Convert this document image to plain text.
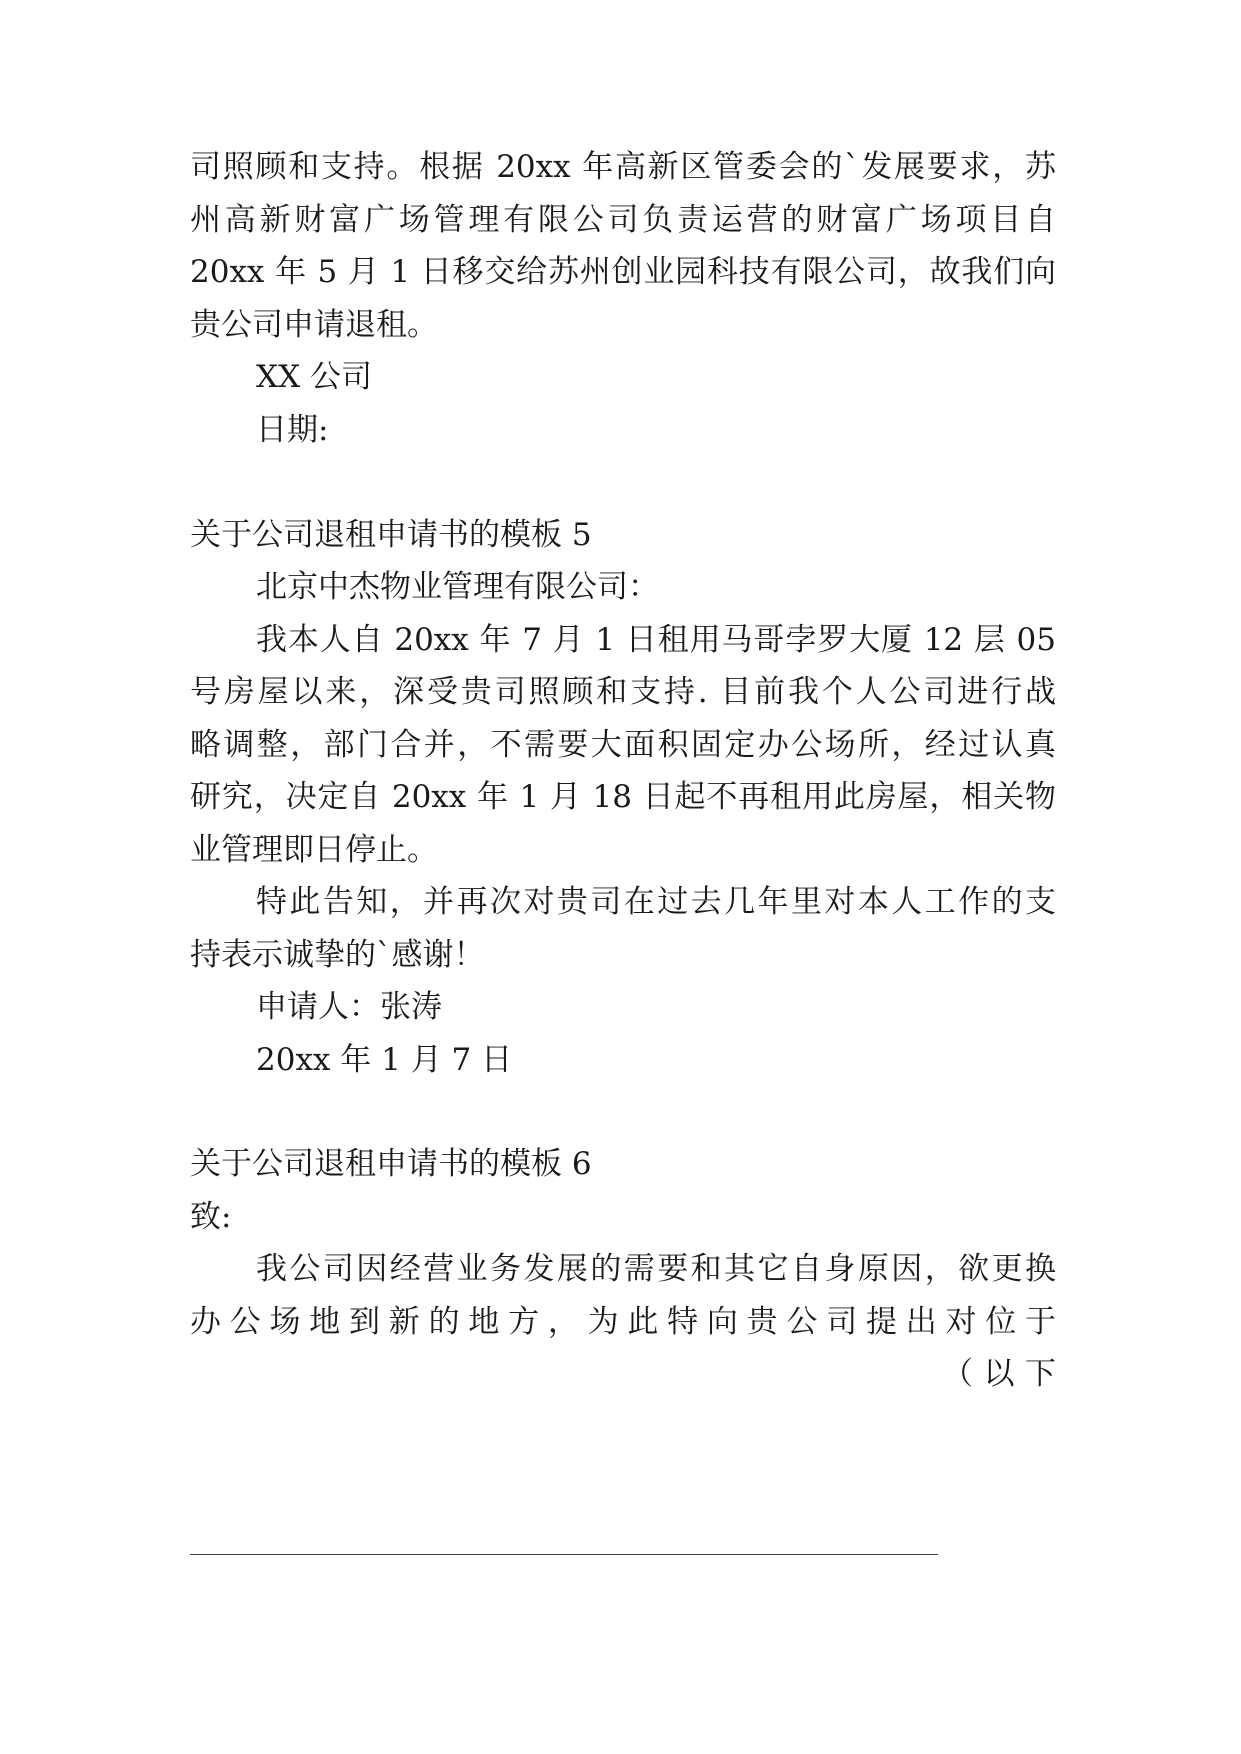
司照顾和支持。根据 20xx 年高新区管委会的`发展要求，苏
州高新财富广场管理有限公司负责运营的财富广场项目自
20xx 年 5 月 1 日移交给苏州创业园科技有限公司，故我们向
贵公司申请退租。
XX 公司
日期:
关于公司退租申请书的模板 5
北京中杰物业管理有限公司：
我本人自 20xx 年 7 月 1 日租用马哥孛罗大厦 12 层 05
号房屋以来，深受贵司照顾和支持. 目前我个人公司进行战
略调整，部门合并，不需要大面积固定办公场所，经过认真
研究，决定自 20xx 年 1 月 18 日起不再租用此房屋，相关物
业管理即日停止。
特此告知，并再次对贵司在过去几年里对本人工作的支
持表示诚挚的`感谢！
申请人：张涛
20xx 年 1 月 7 日
关于公司退租申请书的模板 6
致:
我公司因经营业务发展的需要和其它自身原因，欲更换
办公场地到新的地方，为此特向贵公司提出对位于
（以下
